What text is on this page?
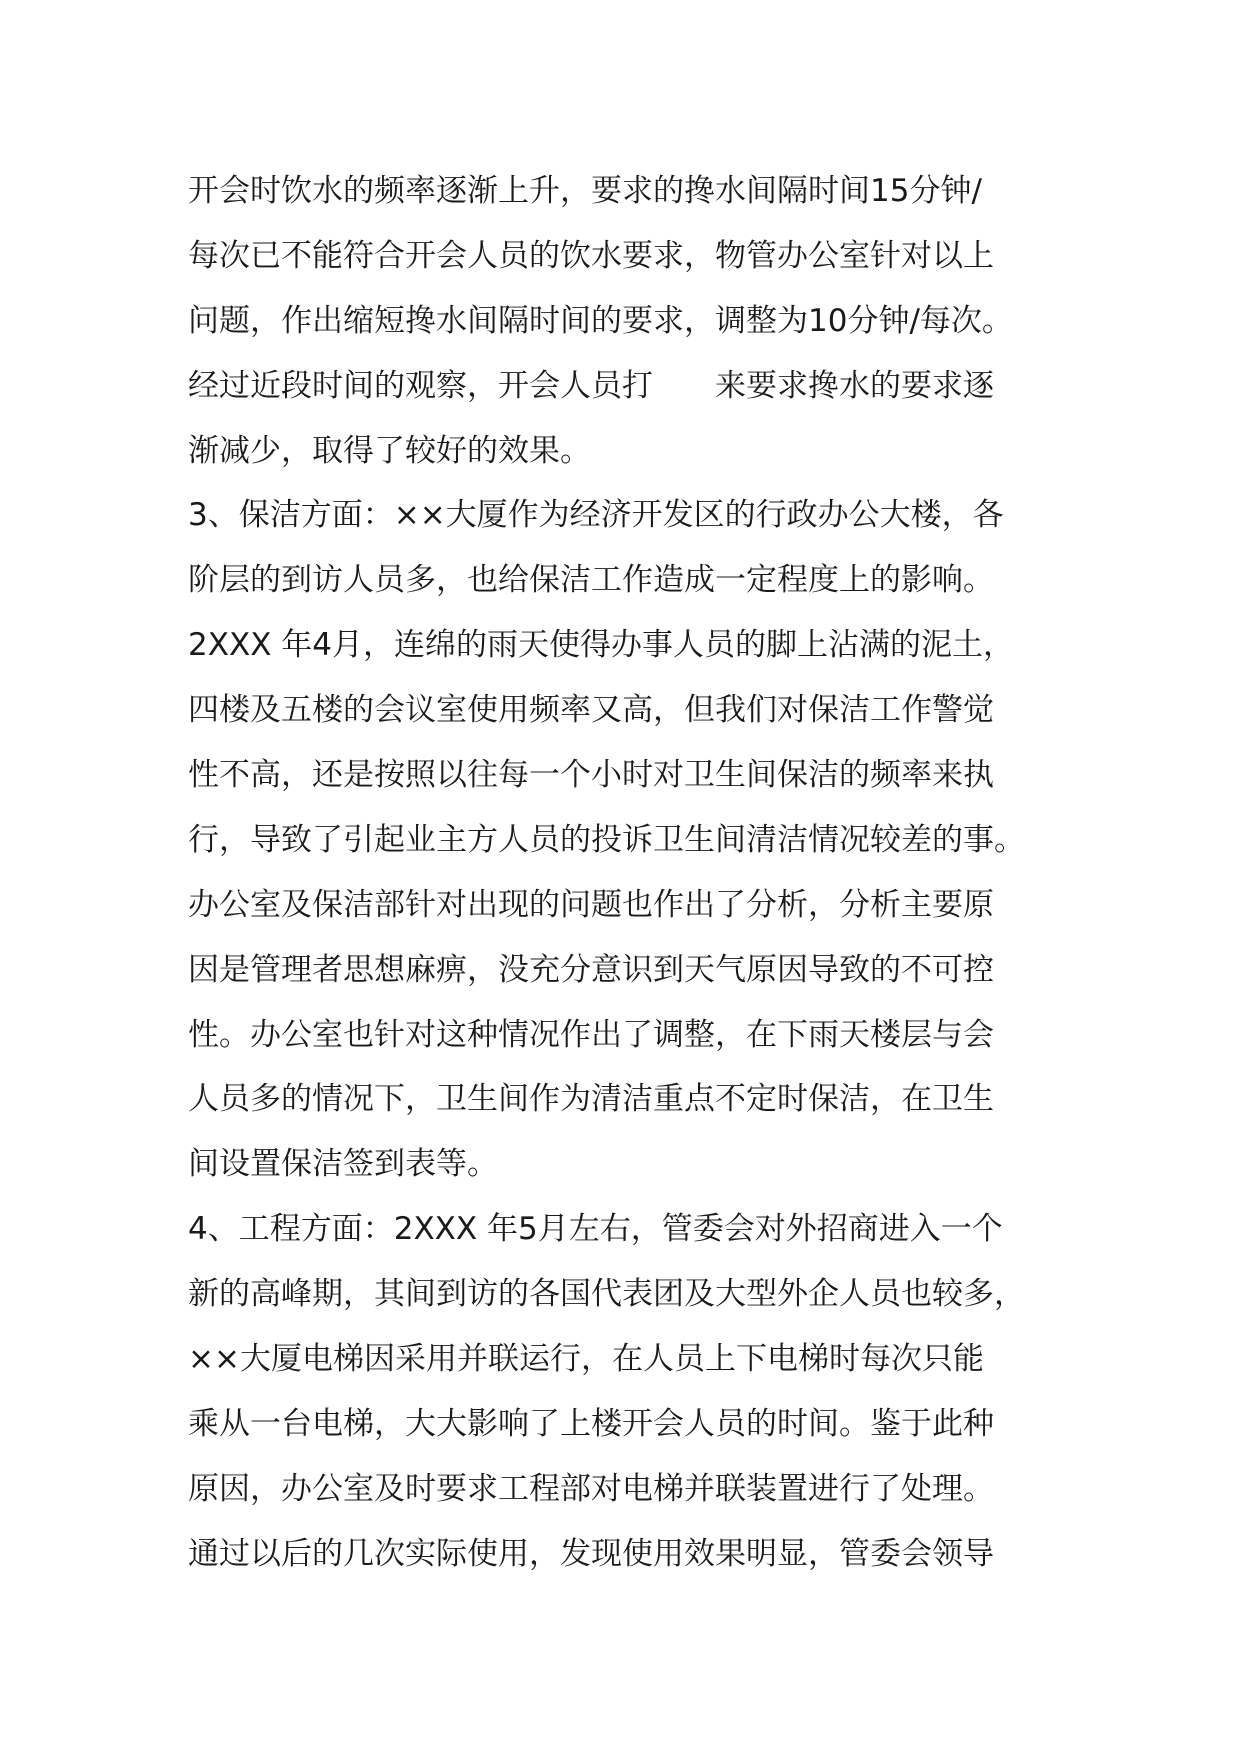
开会时饮水的频率逐渐上升，要求的搀水间隔时间15分钟/
每次已不能符合开会人员的饮水要求，物管办公室针对以上
问题，作出缩短搀水间隔时间的要求，调整为10分钟/每次。
经过近段时间的观察，开会人员打　　来要求搀水的要求逐
渐减少，取得了较好的效果。
3、保洁方面：××大厦作为经济开发区的行政办公大楼，各
阶层的到访人员多，也给保洁工作造成一定程度上的影响。
2XXX 年4月，连绵的雨天使得办事人员的脚上沾满的泥土，
四楼及五楼的会议室使用频率又高，但我们对保洁工作警觉
性不高，还是按照以往每一个小时对卫生间保洁的频率来执
行，导致了引起业主方人员的投诉卫生间清洁情况较差的事。
办公室及保洁部针对出现的问题也作出了分析，分析主要原
因是管理者思想麻痹，没充分意识到天气原因导致的不可控
性。办公室也针对这种情况作出了调整，在下雨天楼层与会
人员多的情况下，卫生间作为清洁重点不定时保洁，在卫生
间设置保洁签到表等。
4、工程方面：2XXX 年5月左右，管委会对外招商进入一个
新的高峰期，其间到访的各国代表团及大型外企人员也较多，
××大厦电梯因采用并联运行，在人员上下电梯时每次只能
乘从一台电梯，大大影响了上楼开会人员的时间。鉴于此种
原因，办公室及时要求工程部对电梯并联装置进行了处理。
通过以后的几次实际使用，发现使用效果明显，管委会领导
